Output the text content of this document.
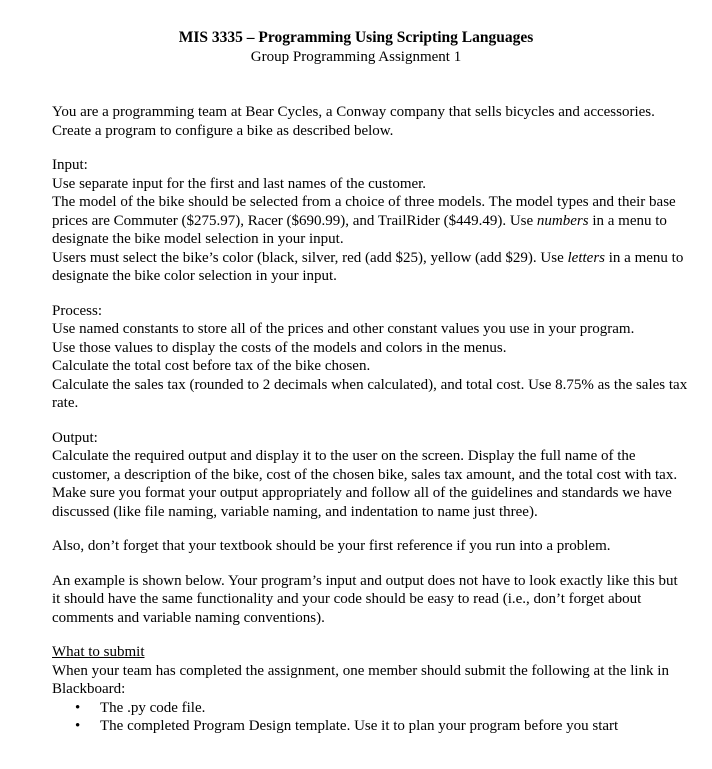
MIS 3335 – Programming Using Scripting Languages
Group Programming Assignment 1

You are a programming team at Bear Cycles, a Conway company that sells bicycles and accessories. Create a program to configure a bike as described below.

Input:

Use separate input for the first and last names of the customer.

The model of the bike should be selected from a choice of three models. The model types and their base prices are Commuter ($275.97), Racer ($690.99), and TrailRider ($449.49). Use numbers in a menu to designate the bike model selection in your input.

Users must select the bike’s color (black, silver, red (add $25), yellow (add $29). Use letters in a menu to designate the bike color selection in your input.

Process:

Use named constants to store all of the prices and other constant values you use in your program.

Use those values to display the costs of the models and colors in the menus.

Calculate the total cost before tax of the bike chosen.

Calculate the sales tax (rounded to 2 decimals when calculated), and total cost. Use 8.75% as the sales tax rate.

Output:

Calculate the required output and display it to the user on the screen. Display the full name of the customer, a description of the bike, cost of the chosen bike, sales tax amount, and the total cost with tax. Make sure you format your output appropriately and follow all of the guidelines and standards we have discussed (like file naming, variable naming, and indentation to name just three).

Also, don’t forget that your textbook should be your first reference if you run into a problem.

An example is shown below. Your program’s input and output does not have to look exactly like this but it should have the same functionality and your code should be easy to read (i.e., don’t forget about comments and variable naming conventions).

What to submit

When your team has completed the assignment, one member should submit the following at the link in Blackboard:

• The .py code file.
• The completed Program Design template. Use it to plan your program before you start
